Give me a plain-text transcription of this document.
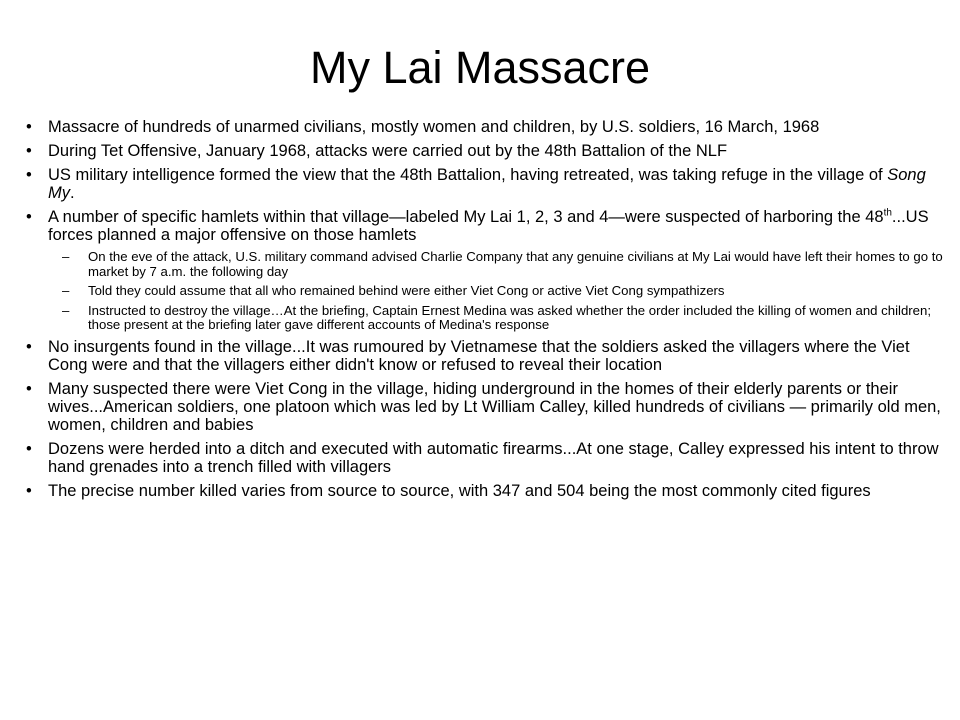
My Lai Massacre
• Massacre of hundreds of unarmed civilians, mostly women and children, by U.S. soldiers, 16 March, 1968
• During Tet Offensive, January 1968, attacks were carried out by the 48th Battalion of the NLF
• US military intelligence formed the view that the 48th Battalion, having retreated, was taking refuge in the village of Song My.
• A number of specific hamlets within that village—labeled My Lai 1, 2, 3 and 4—were suspected of harboring the 48th...US forces planned a major offensive on those hamlets
– On the eve of the attack, U.S. military command advised Charlie Company that any genuine civilians at My Lai would have left their homes to go to market by 7 a.m. the following day
– Told they could assume that all who remained behind were either Viet Cong or active Viet Cong sympathizers
– Instructed to destroy the village…At the briefing, Captain Ernest Medina was asked whether the order included the killing of women and children; those present at the briefing later gave different accounts of Medina's response
• No insurgents found in the village...It was rumoured by Vietnamese that the soldiers asked the villagers where the Viet Cong were and that the villagers either didn't know or refused to reveal their location
• Many suspected there were Viet Cong in the village, hiding underground in the homes of their elderly parents or their wives...American soldiers, one platoon which was led by Lt William Calley, killed hundreds of civilians — primarily old men, women, children and babies
• Dozens were herded into a ditch and executed with automatic firearms...At one stage, Calley expressed his intent to throw hand grenades into a trench filled with villagers
• The precise number killed varies from source to source, with 347 and 504 being the most commonly cited figures
